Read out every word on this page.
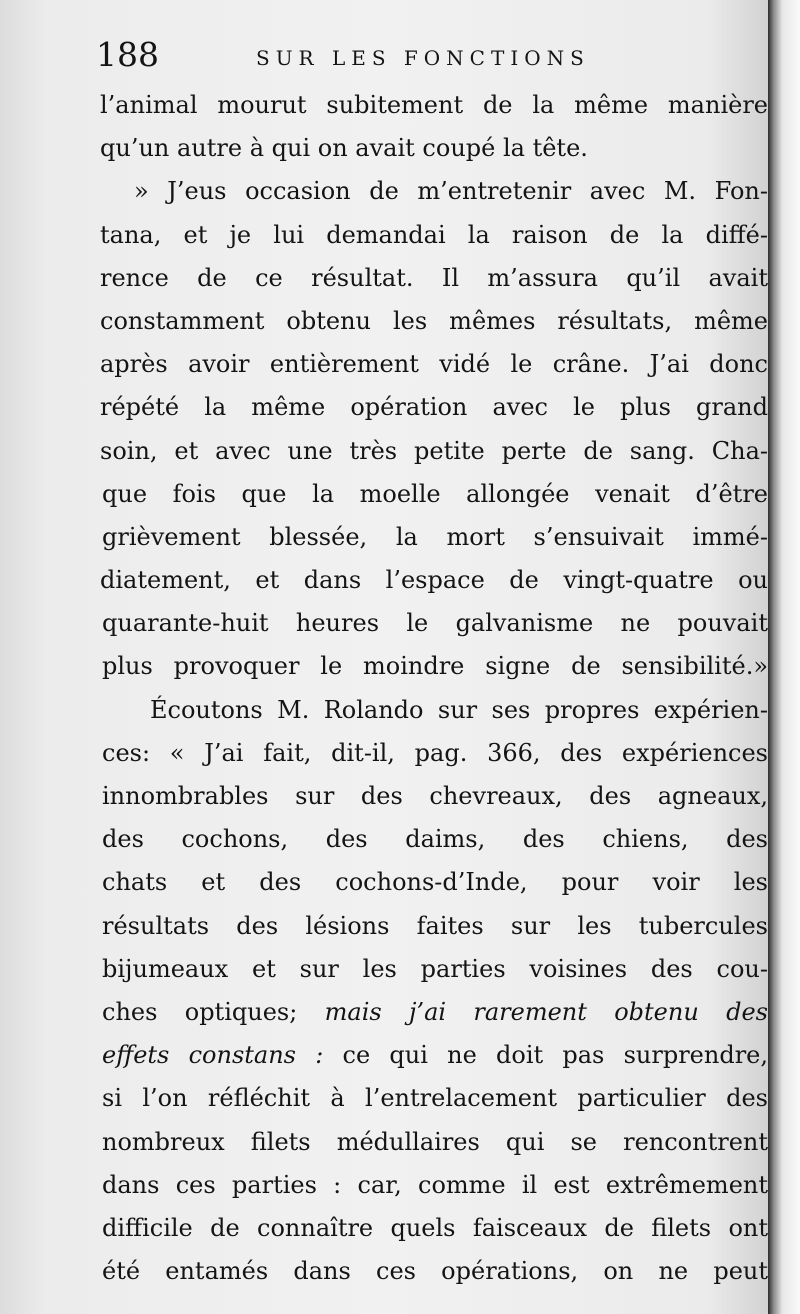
188	SUR LES FONCTIONS
l’animal mourut subitement de la même manière
qu’un autre à qui on avait coupé la tête.
» J’eus occasion de m’entretenir avec M. Fon-
tana, et je lui demandai la raison de la diffé-
rence de ce résultat. Il m’assura qu’il avait
constamment obtenu les mêmes résultats, même
après avoir entièrement vidé le crâne. J’ai donc
répété la même opération avec le plus grand
soin, et avec une très petite perte de sang. Cha-
que fois que la moelle allongée venait d’être
grièvement blessée, la mort s’ensuivait immé-
diatement, et dans l’espace de vingt-quatre ou
quarante-huit heures le galvanisme ne pouvait
plus provoquer le moindre signe de sensibilité.»
Écoutons M. Rolando sur ses propres expérien-
ces: « J’ai fait, dit-il, pag. 366, des expériences
innombrables sur des chevreaux, des agneaux,
des cochons, des daims, des chiens, des
chats et des cochons-d’Inde, pour voir les
résultats des lésions faites sur les tubercules
bijumeaux et sur les parties voisines des cou-
ches optiques; mais j’ai rarement obtenu des
effets constans : ce qui ne doit pas surprendre,
si l’on réfléchit à l’entrelacement particulier des
nombreux filets médullaires qui se rencontrent
dans ces parties : car, comme il est extrêmement
difficile de connaître quels faisceaux de filets ont
été entamés dans ces opérations, on ne peut
